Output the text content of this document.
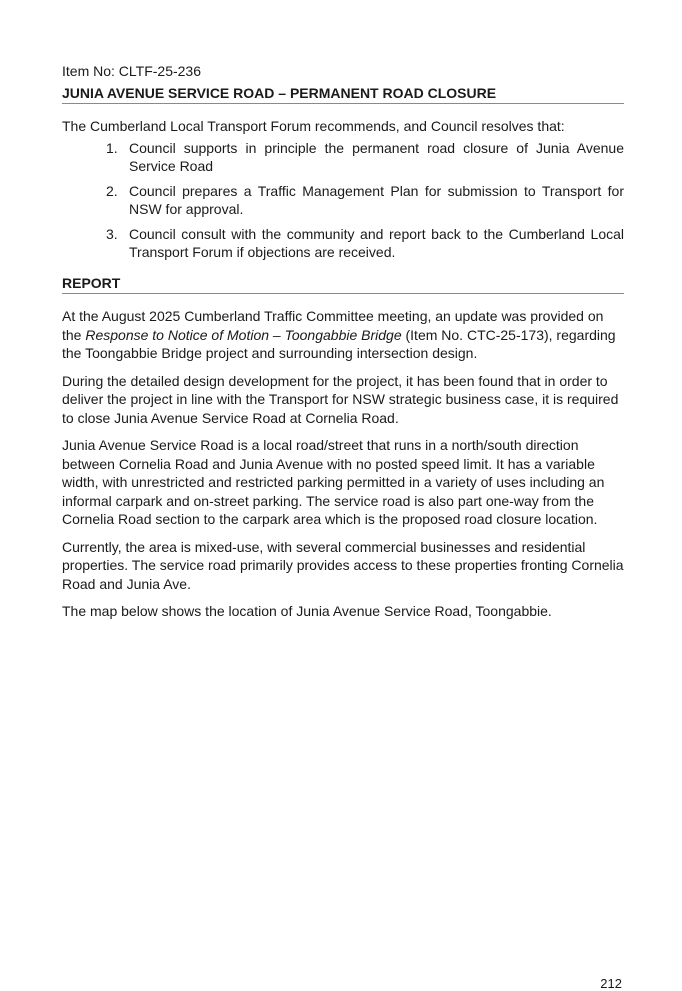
Item No: CLTF-25-236
JUNIA AVENUE SERVICE ROAD – PERMANENT ROAD CLOSURE
The Cumberland Local Transport Forum recommends, and Council resolves that:
1. Council supports in principle the permanent road closure of Junia Avenue Service Road
2. Council prepares a Traffic Management Plan for submission to Transport for NSW for approval.
3. Council consult with the community and report back to the Cumberland Local Transport Forum if objections are received.
REPORT

At the August 2025 Cumberland Traffic Committee meeting, an update was provided on the Response to Notice of Motion – Toongabbie Bridge (Item No. CTC-25-173), regarding the Toongabbie Bridge project and surrounding intersection design.

During the detailed design development for the project, it has been found that in order to deliver the project in line with the Transport for NSW strategic business case, it is required to close Junia Avenue Service Road at Cornelia Road.

Junia Avenue Service Road is a local road/street that runs in a north/south direction between Cornelia Road and Junia Avenue with no posted speed limit. It has a variable width, with unrestricted and restricted parking permitted in a variety of uses including an informal carpark and on-street parking. The service road is also part one-way from the Cornelia Road section to the carpark area which is the proposed road closure location.

Currently, the area is mixed-use, with several commercial businesses and residential properties. The service road primarily provides access to these properties fronting Cornelia Road and Junia Ave.

The map below shows the location of Junia Avenue Service Road, Toongabbie.

212
